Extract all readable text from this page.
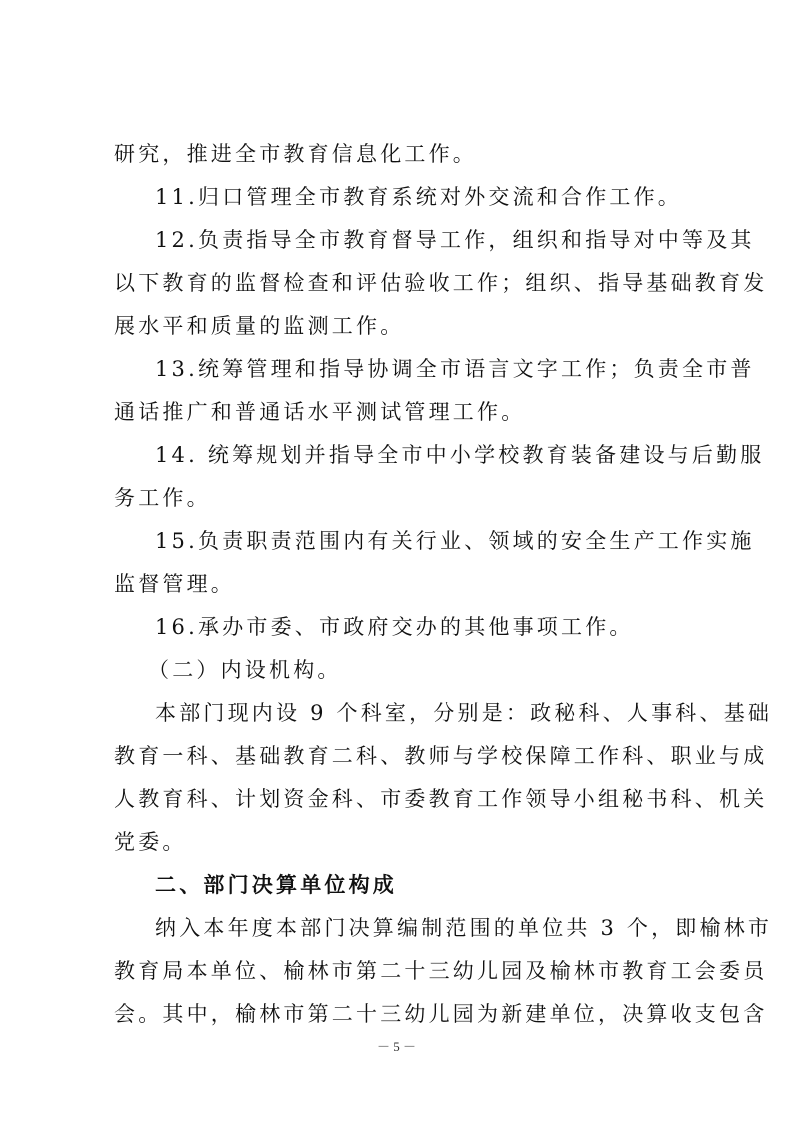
研究，推进全市教育信息化工作。
11.归口管理全市教育系统对外交流和合作工作。
12.负责指导全市教育督导工作，组织和指导对中等及其
以下教育的监督检查和评估验收工作；组织、指导基础教育发
展水平和质量的监测工作。
13.统筹管理和指导协调全市语言文字工作；负责全市普
通话推广和普通话水平测试管理工作。
14. 统筹规划并指导全市中小学校教育装备建设与后勤服
务工作。
15.负责职责范围内有关行业、领域的安全生产工作实施
监督管理。
16.承办市委、市政府交办的其他事项工作。
（二）内设机构。
本部门现内设 9 个科室，分别是：政秘科、人事科、基础
教育一科、基础教育二科、教师与学校保障工作科、职业与成
人教育科、计划资金科、市委教育工作领导小组秘书科、机关
党委。
二、部门决算单位构成
纳入本年度本部门决算编制范围的单位共 3 个，即榆林市
教育局本单位、榆林市第二十三幼儿园及榆林市教育工会委员
会。其中，榆林市第二十三幼儿园为新建单位，决算收支包含
－ 5 －
